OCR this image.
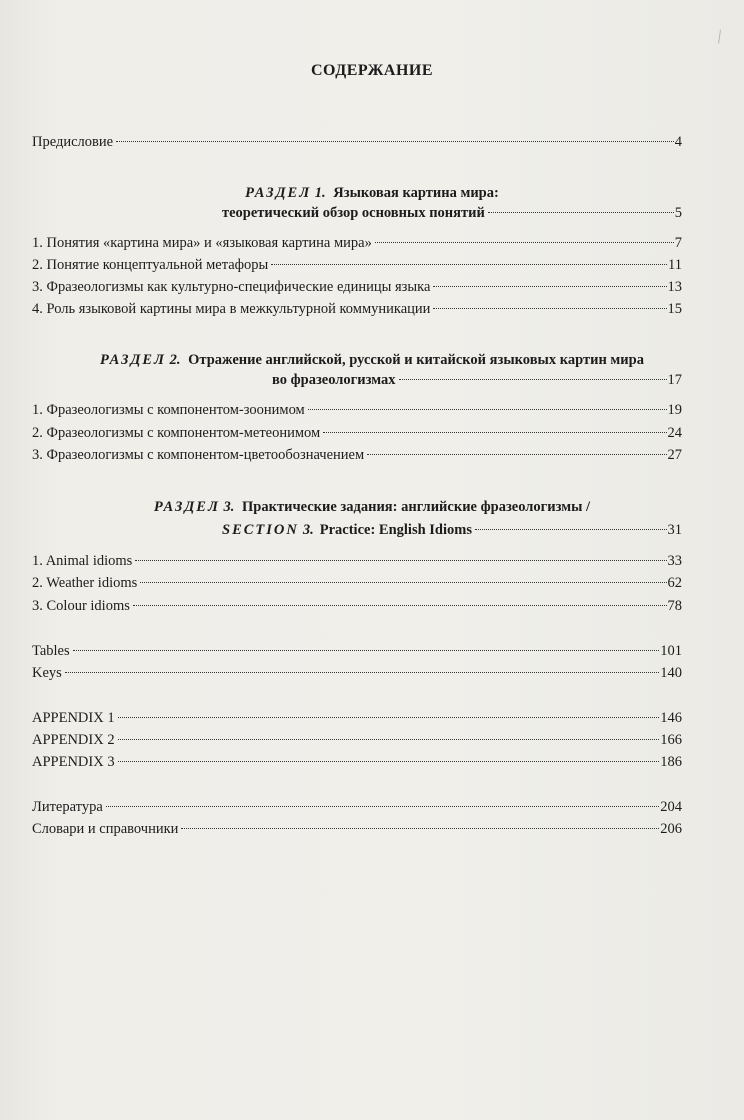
СОДЕРЖАНИЕ
Предисловие	4
РАЗДЕЛ 1. Языковая картина мира:
теоретический обзор основных понятий	5
1. Понятия «картина мира» и «языковая картина мира»	7
2. Понятие концептуальной метафоры	11
3. Фразеологизмы как культурно-специфические единицы языка	13
4. Роль языковой картины мира в межкультурной коммуникации	15
РАЗДЕЛ 2. Отражение английской, русской и китайской языковых картин мира
во фразеологизмах	17
1. Фразеологизмы с компонентом-зоонимом	19
2. Фразеологизмы с компонентом-метеонимом	24
3. Фразеологизмы с компонентом-цветообозначением	27
РАЗДЕЛ 3. Практические задания: английские фразеологизмы /
SECTION 3. Practice: English Idioms	31
1. Animal idioms	33
2. Weather idioms	62
3. Colour idioms	78
Tables	101
Keys	140
APPENDIX 1	146
APPENDIX 2	166
APPENDIX 3	186
Литература	204
Словари и справочники	206
